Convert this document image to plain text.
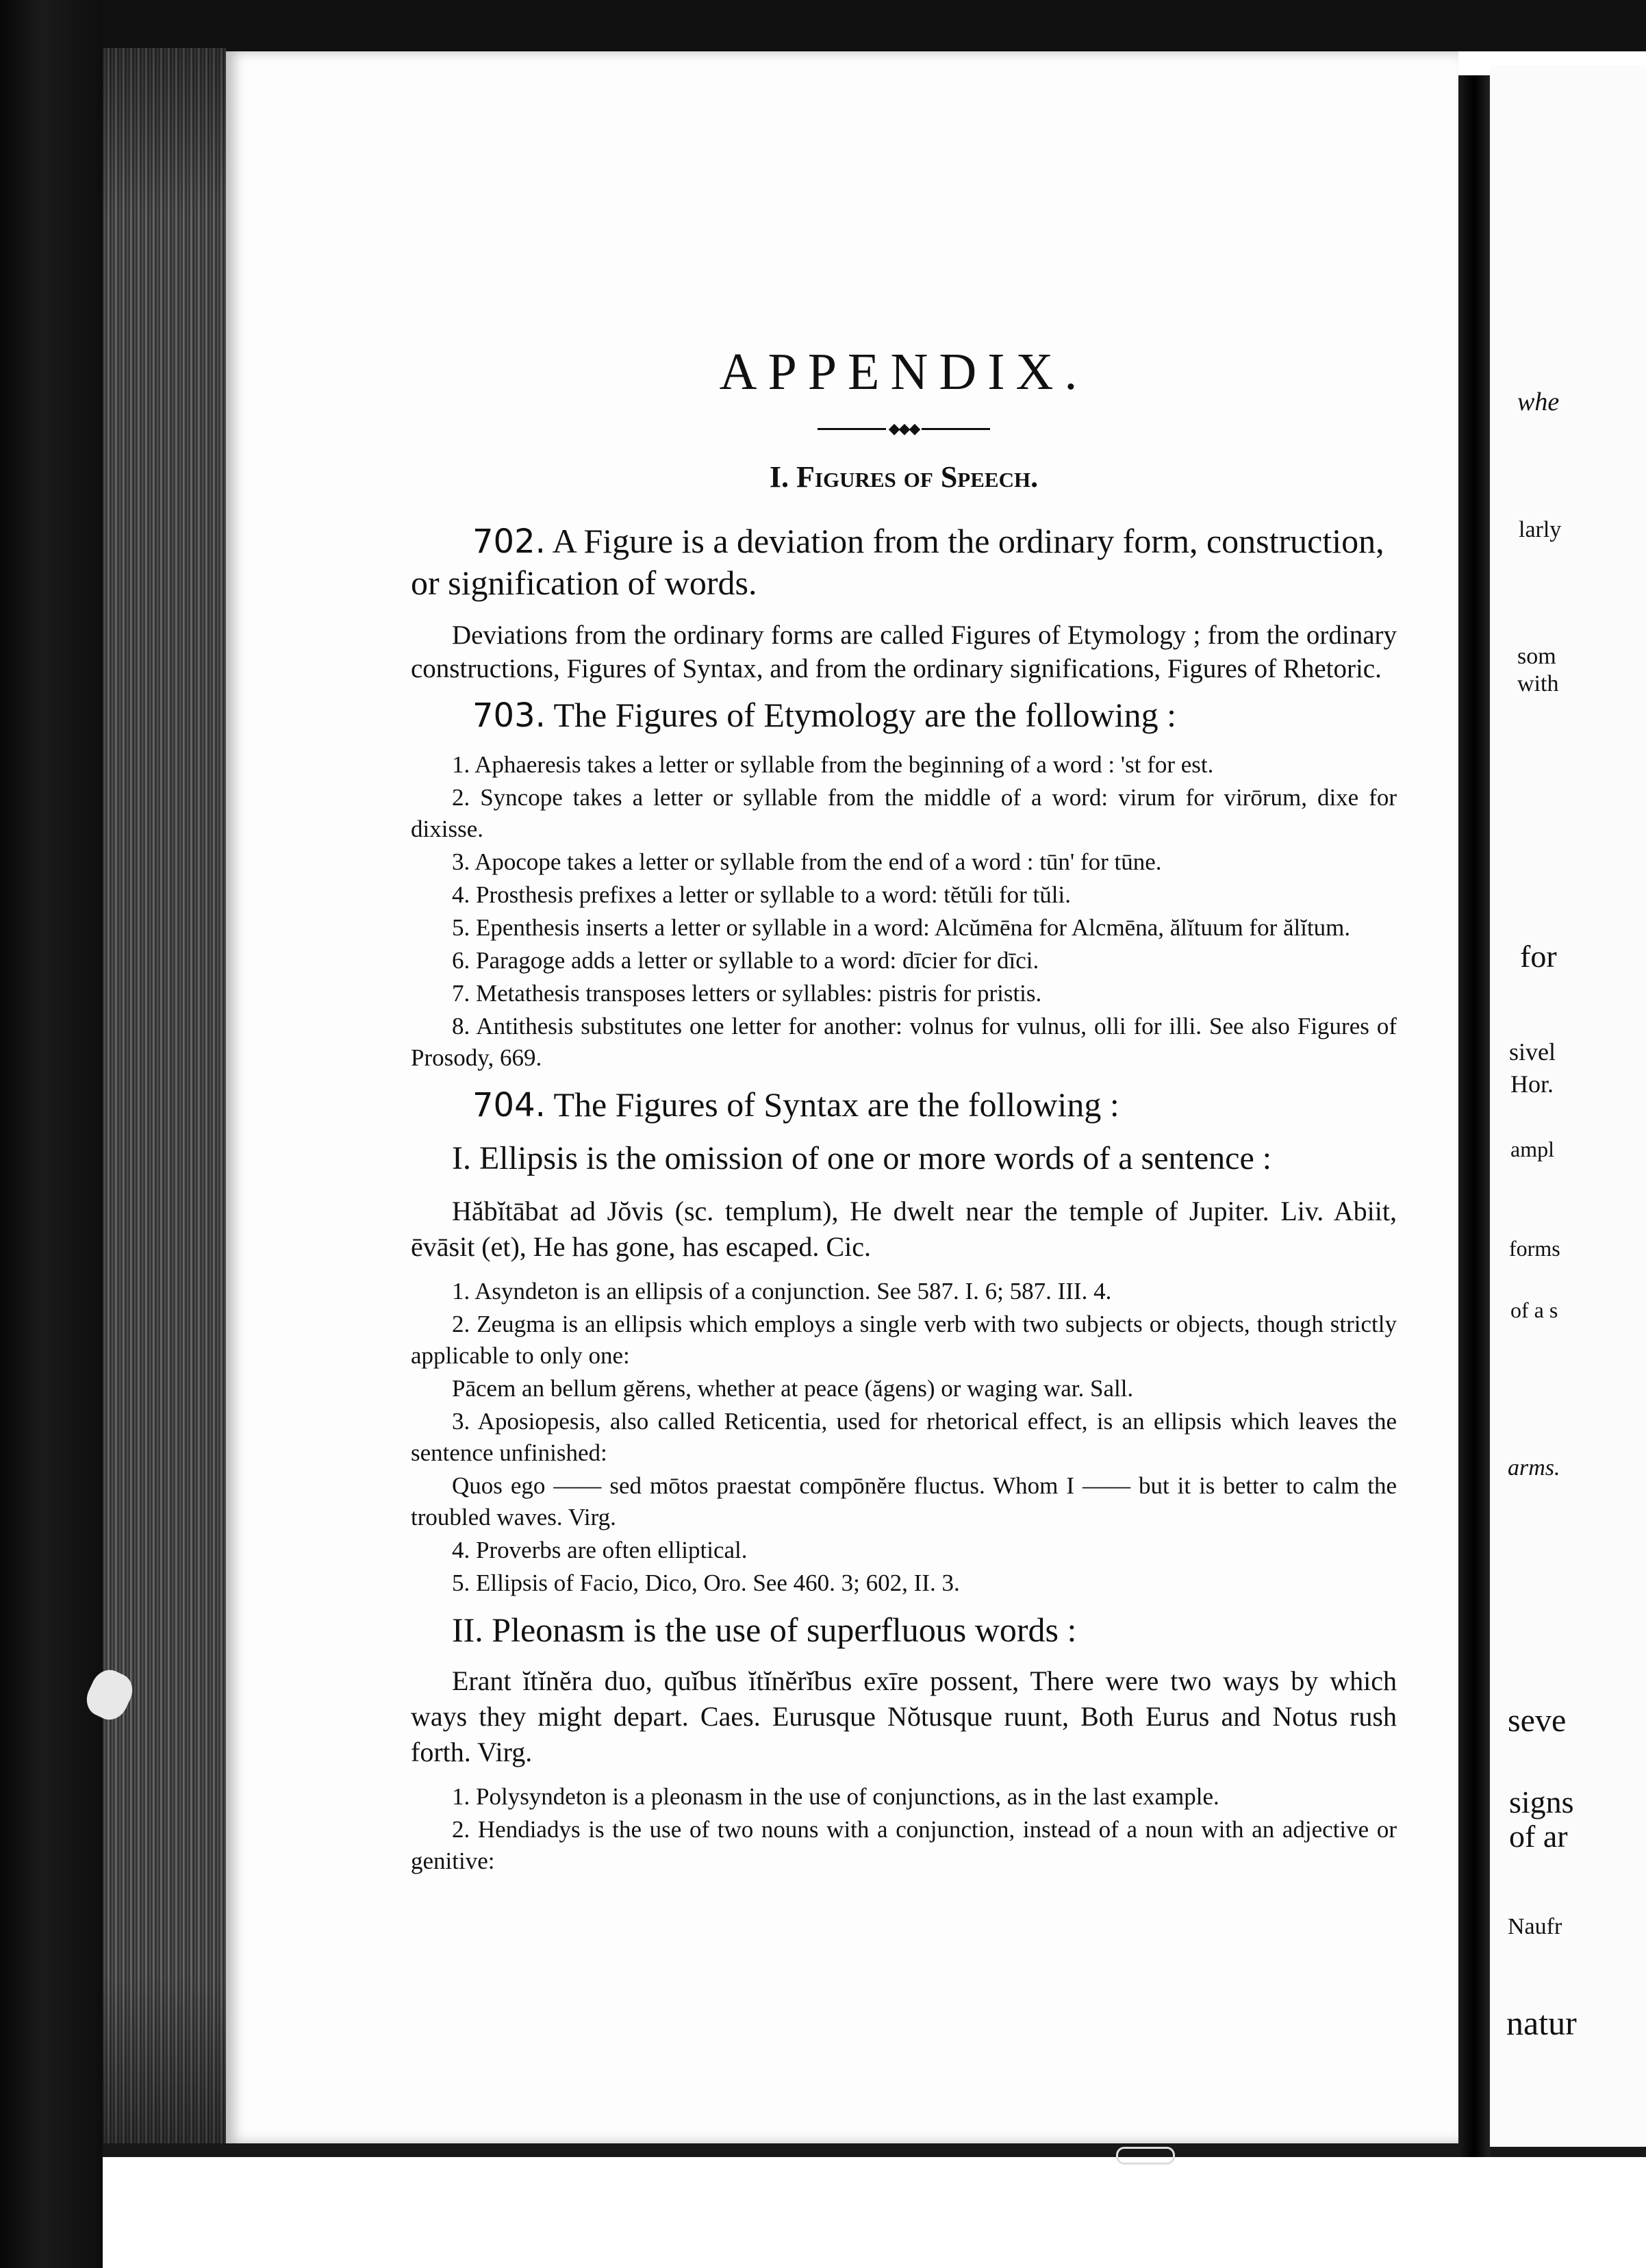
whe
larly
som
with
for
sivel
Hor.
ampl
forms
of a s
arms.
seve
signs
of ar
Naufr
natur
APPENDIX.
◆◆◆
I. Figures of Speech.

702. A Figure is a deviation from the ordinary form, construction, or signification of words.

Deviations from the ordinary forms are called Figures of Etymology ; from the ordinary constructions, Figures of Syntax, and from the ordinary significations, Figures of Rhetoric.

703. The Figures of Etymology are the following :

1. Aphaeresis takes a letter or syllable from the beginning of a word : 'st for est.

2. Syncope takes a letter or syllable from the middle of a word: virum for virōrum, dixe for dixisse.

3. Apocope takes a letter or syllable from the end of a word : tūn' for tūne.

4. Prosthesis prefixes a letter or syllable to a word: tĕtŭli for tŭli.

5. Epenthesis inserts a letter or syllable in a word: Alcŭmēna for Alcmēna, ălĭtuum for ălĭtum.

6. Paragoge adds a letter or syllable to a word: dīcier for dīci.

7. Metathesis transposes letters or syllables: pistris for pristis.

8. Antithesis substitutes one letter for another: volnus for vulnus, olli for illi. See also Figures of Prosody, 669.

704. The Figures of Syntax are the following :

I. Ellipsis is the omission of one or more words of a sentence :

Hăbĭtābat ad Jŏvis (sc. templum), He dwelt near the temple of Jupiter. Liv. Abiit, ēvāsit (et), He has gone, has escaped. Cic.

1. Asyndeton is an ellipsis of a conjunction. See 587. I. 6; 587. III. 4.

2. Zeugma is an ellipsis which employs a single verb with two subjects or objects, though strictly applicable to only one:

Pācem an bellum gĕrens, whether at peace (ăgens) or waging war. Sall.

3. Aposiopesis, also called Reticentia, used for rhetorical effect, is an ellipsis which leaves the sentence unfinished:

Quos ego —— sed mōtos praestat compōnĕre fluctus. Whom I —— but it is better to calm the troubled waves. Virg.

4. Proverbs are often elliptical.

5. Ellipsis of Facio, Dico, Oro. See 460. 3; 602, II. 3.

II. Pleonasm is the use of superfluous words :

Erant ĭtĭnĕra duo, quĭbus ĭtĭnĕrĭbus exīre possent, There were two ways by which ways they might depart. Caes. Eurusque Nŏtusque ruunt, Both Eurus and Notus rush forth. Virg.

1. Polysyndeton is a pleonasm in the use of conjunctions, as in the last example.

2. Hendiadys is the use of two nouns with a conjunction, instead of a noun with an adjective or genitive:
